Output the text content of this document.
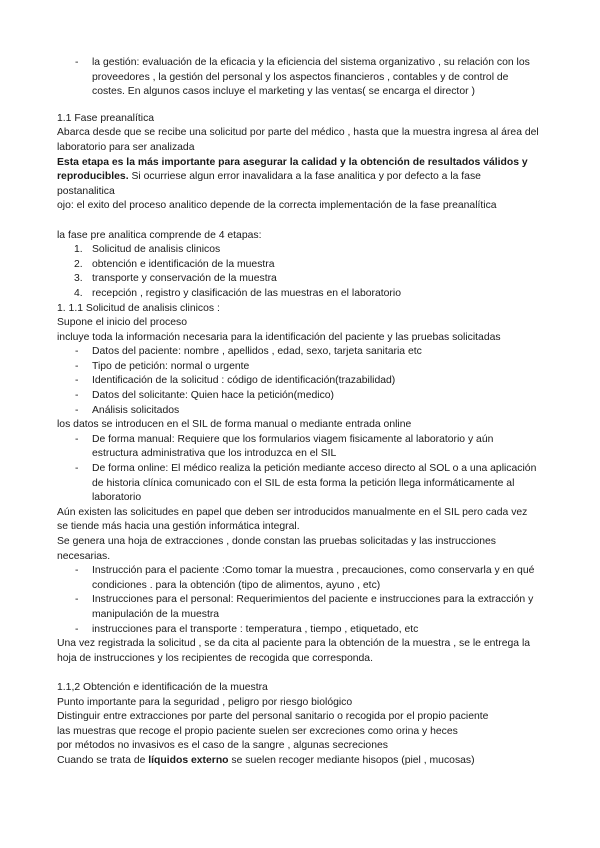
- la gestión: evaluación de la eficacia y la eficiencia del sistema organizativo , su relación con los proveedores , la gestión del personal y los aspectos financieros , contables y de control de costes. En algunos casos incluye el marketing y las ventas( se encarga el director )

1.1 Fase preanalítica

Abarca desde que se recibe una solicitud por parte del médico , hasta que la muestra ingresa al área del laboratorio para ser analizada

Esta etapa es la más importante para asegurar la calidad y la obtención de resultados válidos y reproducibles. Si ocurriese algun error inavalidara a la fase analitica y por defecto a la fase postanalitica

ojo: el exito del proceso analitico depende de la correcta implementación de la fase preanalítica

la fase pre analitica comprende de 4 etapas:

1. Solicitud de analisis clinicos

2. obtención e identificación de la muestra

3. transporte y conservación de la muestra

4. recepción , registro y clasificación de las muestras en el laboratorio

1. 1.1 Solicitud de analisis clinicos :

Supone el inicio del proceso

incluye toda la información necesaria para la identificación del paciente y las pruebas solicitadas

- Datos del paciente: nombre , apellidos , edad, sexo, tarjeta sanitaria etc

- Tipo de petición: normal o urgente

- Identificación de la solicitud : código de identificación(trazabilidad)

- Datos del solicitante: Quien hace la petición(medico)

- Análisis solicitados

los datos se introducen en el SIL de forma manual o mediante entrada online

- De forma manual: Requiere que los formularios viagem fisicamente al laboratorio y aún estructura administrativa que los introduzca en el SIL

- De forma online: El médico realiza la petición mediante acceso directo al SOL o a una aplicación de historia clínica comunicado con el SIL de esta forma la petición llega informáticamente al laboratorio

Aún existen las solicitudes en papel que deben ser introducidos manualmente en el SIL pero cada vez se tiende más hacia una gestión informática integral.

Se genera una hoja de extracciones , donde constan las pruebas solicitadas y las instrucciones necesarias.

- Instrucción para el paciente :Como tomar la muestra , precauciones, como conservarla y en qué condiciones . para la obtención (tipo de alimentos, ayuno , etc)

- Instrucciones para el personal: Requerimientos del paciente e instrucciones para la extracción y manipulación de la muestra

- instrucciones para el transporte : temperatura , tiempo , etiquetado, etc

Una vez registrada la solicitud , se da cita al paciente para la obtención de la muestra , se le entrega la hoja de instrucciones y los recipientes de recogida que corresponda.

1.1,2 Obtención e identificación de la muestra

Punto importante para la seguridad , peligro por riesgo biológico

Distinguir entre extracciones por parte del personal sanitario o recogida por el propio paciente

las muestras que recoge el propio paciente suelen ser excreciones como orina y heces

por métodos no invasivos es el caso de la sangre , algunas secreciones

Cuando se trata de líquidos externo se suelen recoger mediante hisopos (piel , mucosas)
